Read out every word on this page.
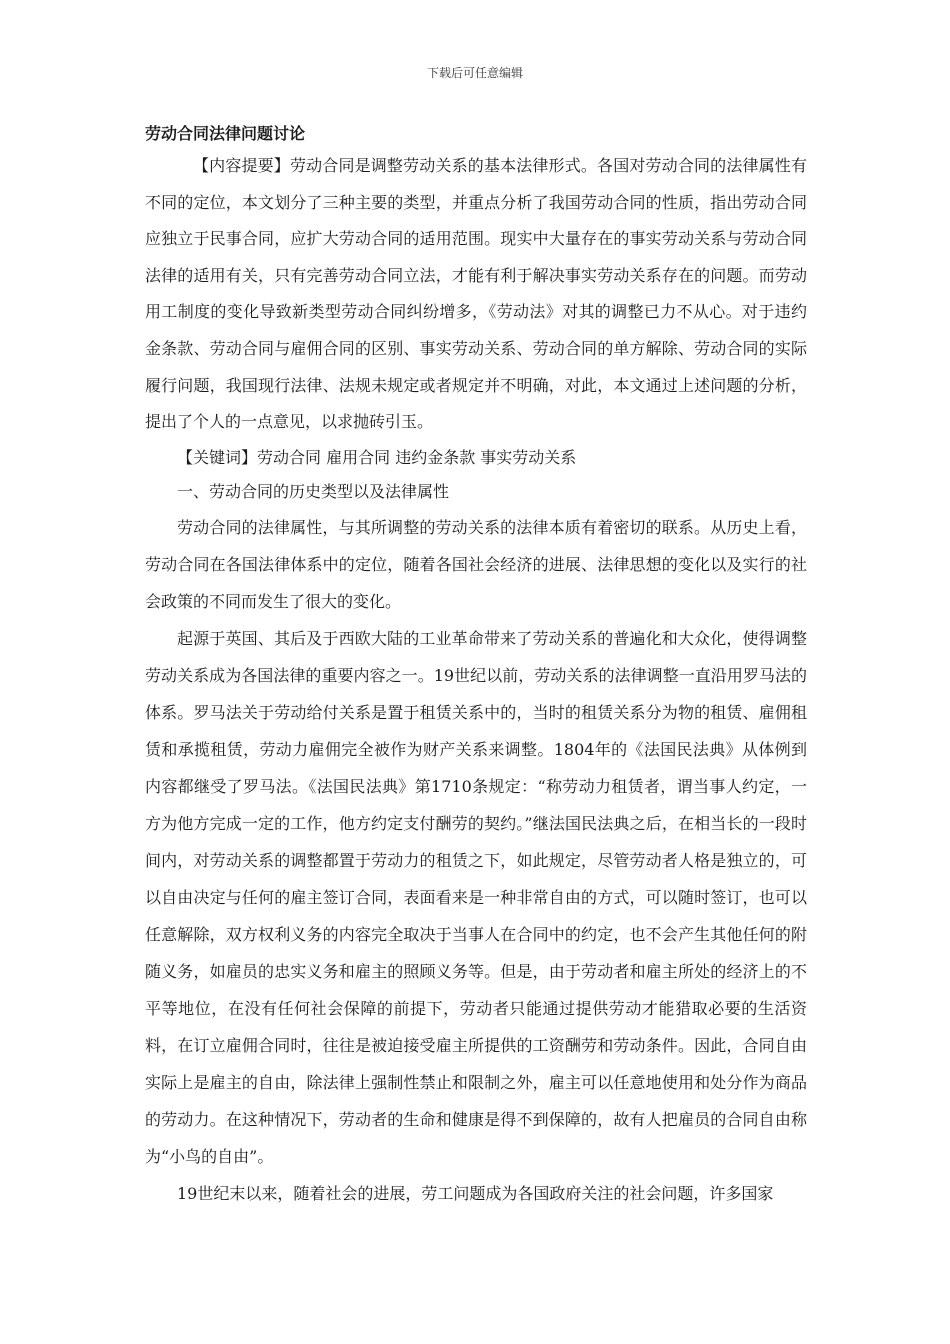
下载后可任意编辑
劳动合同法律问题讨论

【内容提要】劳动合同是调整劳动关系的基本法律形式。各国对劳动合同的法律属性有不同的定位，本文划分了三种主要的类型，并重点分析了我国劳动合同的性质，指出劳动合同应独立于民事合同，应扩大劳动合同的适用范围。现实中大量存在的事实劳动关系与劳动合同法律的适用有关，只有完善劳动合同立法，才能有利于解决事实劳动关系存在的问题。而劳动用工制度的变化导致新类型劳动合同纠纷增多，《劳动法》对其的调整已力不从心。对于违约金条款、劳动合同与雇佣合同的区别、事实劳动关系、劳动合同的单方解除、劳动合同的实际履行问题，我国现行法律、法规未规定或者规定并不明确，对此，本文通过上述问题的分析，提出了个人的一点意见，以求抛砖引玉。

【关键词】劳动合同 雇用合同 违约金条款 事实劳动关系

一、劳动合同的历史类型以及法律属性

劳动合同的法律属性，与其所调整的劳动关系的法律本质有着密切的联系。从历史上看，劳动合同在各国法律体系中的定位，随着各国社会经济的进展、法律思想的变化以及实行的社会政策的不同而发生了很大的变化。

起源于英国、其后及于西欧大陆的工业革命带来了劳动关系的普遍化和大众化，使得调整劳动关系成为各国法律的重要内容之一。19世纪以前，劳动关系的法律调整一直沿用罗马法的体系。罗马法关于劳动给付关系是置于租赁关系中的，当时的租赁关系分为物的租赁、雇佣租赁和承揽租赁，劳动力雇佣完全被作为财产关系来调整。1804年的《法国民法典》从体例到内容都继受了罗马法。《法国民法典》第1710条规定：“称劳动力租赁者，谓当事人约定，一方为他方完成一定的工作，他方约定支付酬劳的契约。”继法国民法典之后，在相当长的一段时间内，对劳动关系的调整都置于劳动力的租赁之下，如此规定，尽管劳动者人格是独立的，可以自由决定与任何的雇主签订合同，表面看来是一种非常自由的方式，可以随时签订，也可以任意解除，双方权利义务的内容完全取决于当事人在合同中的约定，也不会产生其他任何的附随义务，如雇员的忠实义务和雇主的照顾义务等。但是，由于劳动者和雇主所处的经济上的不平等地位，在没有任何社会保障的前提下，劳动者只能通过提供劳动才能猎取必要的生活资料，在订立雇佣合同时，往往是被迫接受雇主所提供的工资酬劳和劳动条件。因此，合同自由实际上是雇主的自由，除法律上强制性禁止和限制之外，雇主可以任意地使用和处分作为商品的劳动力。在这种情况下，劳动者的生命和健康是得不到保障的，故有人把雇员的合同自由称为“小鸟的自由”。

19世纪末以来，随着社会的进展，劳工问题成为各国政府关注的社会问题，许多国家
